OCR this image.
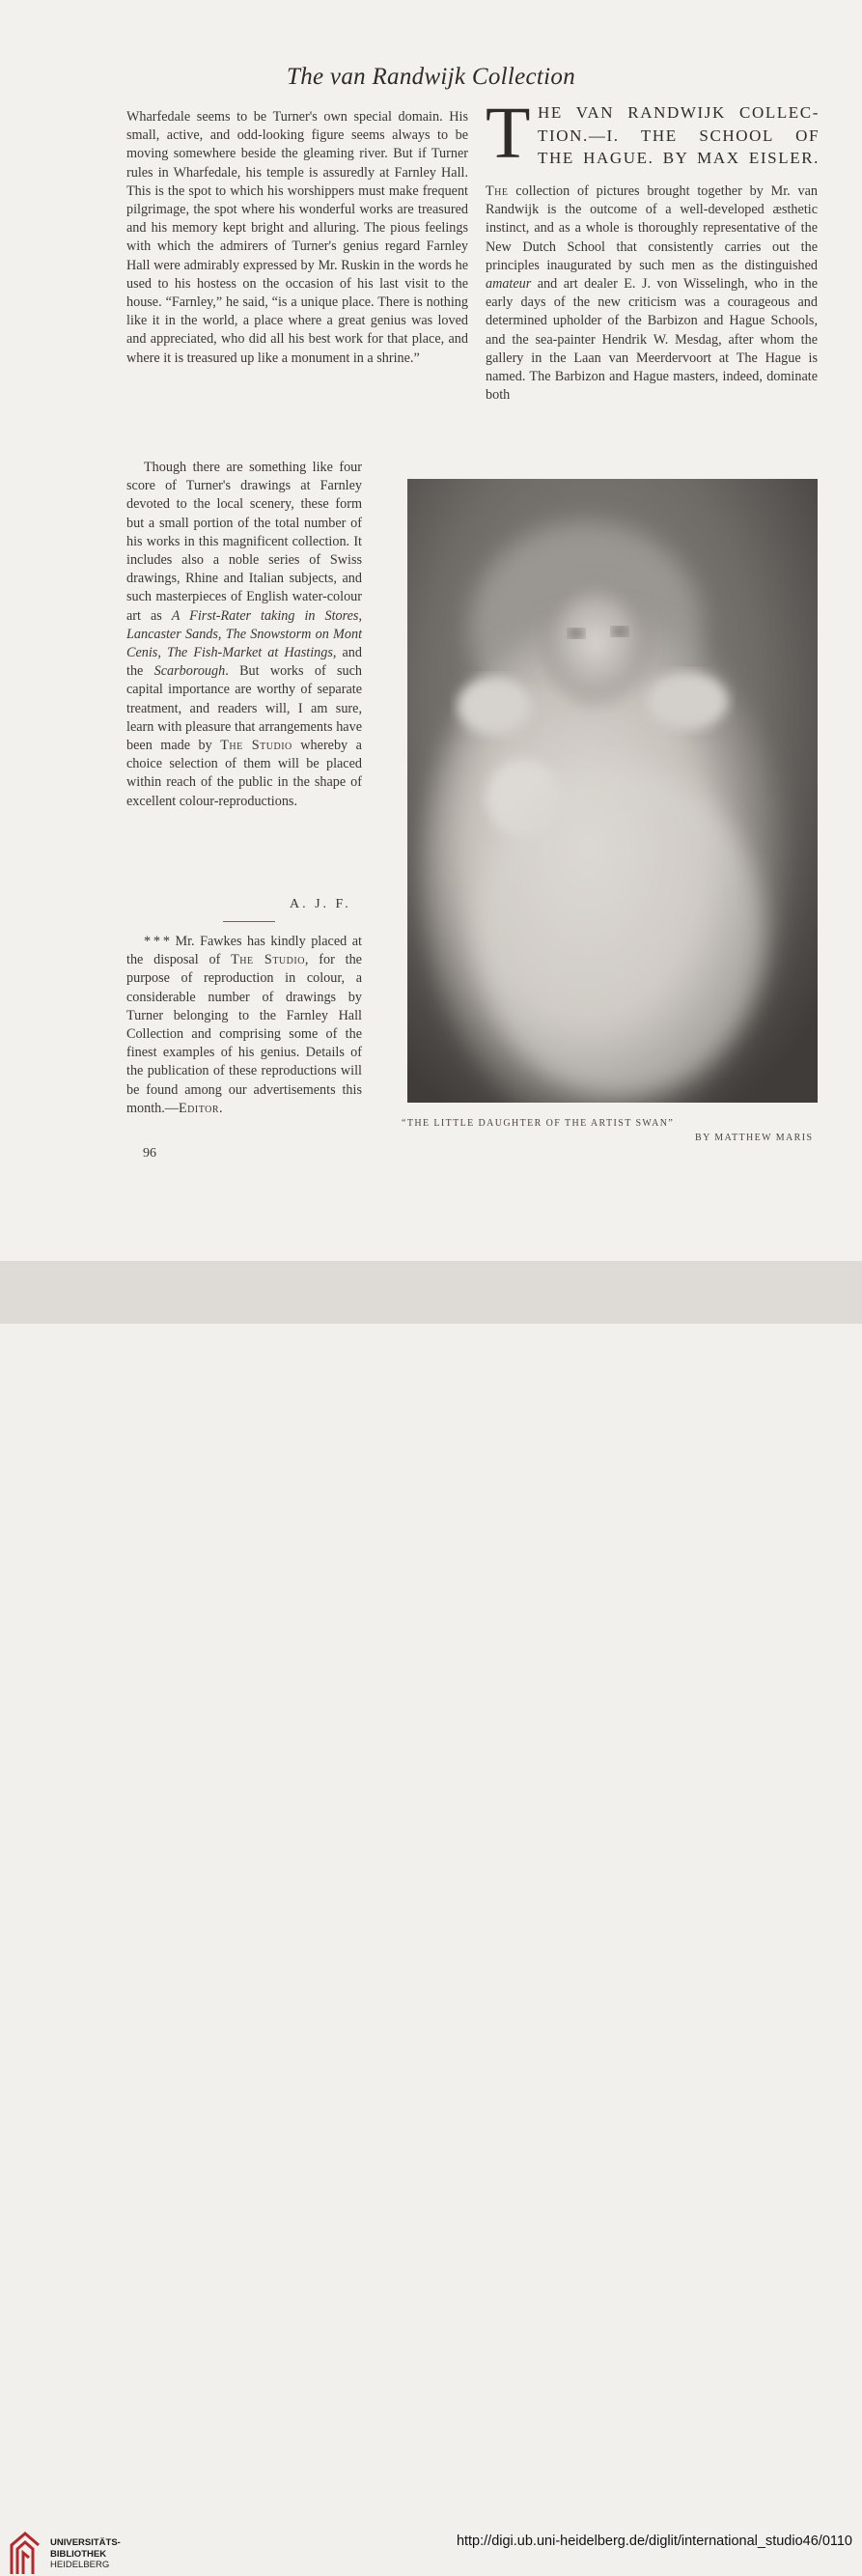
The van Randwijk Collection

Wharfedale seems to be Turner's own special domain. His small, active, and odd-looking figure seems always to be moving somewhere beside the gleaming river. But if Turner rules in Wharfedale, his temple is assuredly at Farnley Hall. This is the spot to which his worshippers must make frequent pilgrimage, the spot where his wonderful works are treasured and his memory kept bright and alluring. The pious feelings with which the admirers of Turner's genius regard Farnley Hall were admirably expressed by Mr. Ruskin in the words he used to his hostess on the occasion of his last visit to the house. “Farnley,” he said, “is a unique place. There is nothing like it in the world, a place where a great genius was loved and appreciated, who did all his best work for that place, and where it is treasured up like a monument in a shrine.”

Though there are something like four score of Turner's drawings at Farnley devoted to the local scenery, these form but a small portion of the total number of his works in this magnificent collection. It includes also a noble series of Swiss drawings, Rhine and Italian subjects, and such masterpieces of English water-colour art as A First-Rater taking in Stores, Lancaster Sands, The Snowstorm on Mont Cenis, The Fish-Market at Hastings, and the Scarborough. But works of such capital importance are worthy of separate treatment, and readers will, I am sure, learn with pleasure that arrangements have been made by The Studio whereby a choice selection of them will be placed within reach of the public in the shape of excellent colour-reproductions.

A. J. F.

* * * Mr. Fawkes has kindly placed at the disposal of The Studio, for the purpose of reproduction in colour, a considerable number of drawings by Turner belonging to the Farnley Hall Collection and comprising some of the finest examples of his genius. Details of the publication of these reproductions will be found among our advertisements this month.—Editor.

96
T HE VAN RANDWIJK COLLEC-
TION.—I. THE SCHOOL OF
THE HAGUE. BY MAX EISLER.

The collection of pictures brought together by Mr. van Randwijk is the outcome of a well-developed æsthetic instinct, and as a whole is thoroughly representative of the New Dutch School that consistently carries out the principles inaugurated by such men as the distinguished amateur and art dealer E. J. von Wisselingh, who in the early days of the new criticism was a courageous and determined upholder of the Barbizon and Hague Schools, and the sea-painter Hendrik W. Mesdag, after whom the gallery in the Laan van Meerdervoort at The Hague is named. The Barbizon and Hague masters, indeed, dominate both

“THE LITTLE DAUGHTER OF THE ARTIST SWAN”
BY MATTHEW MARIS
UNIVERSITÄTS-
BIBLIOTHEK
HEIDELBERG
http://digi.ub.uni-heidelberg.de/diglit/international_studio46/0110
